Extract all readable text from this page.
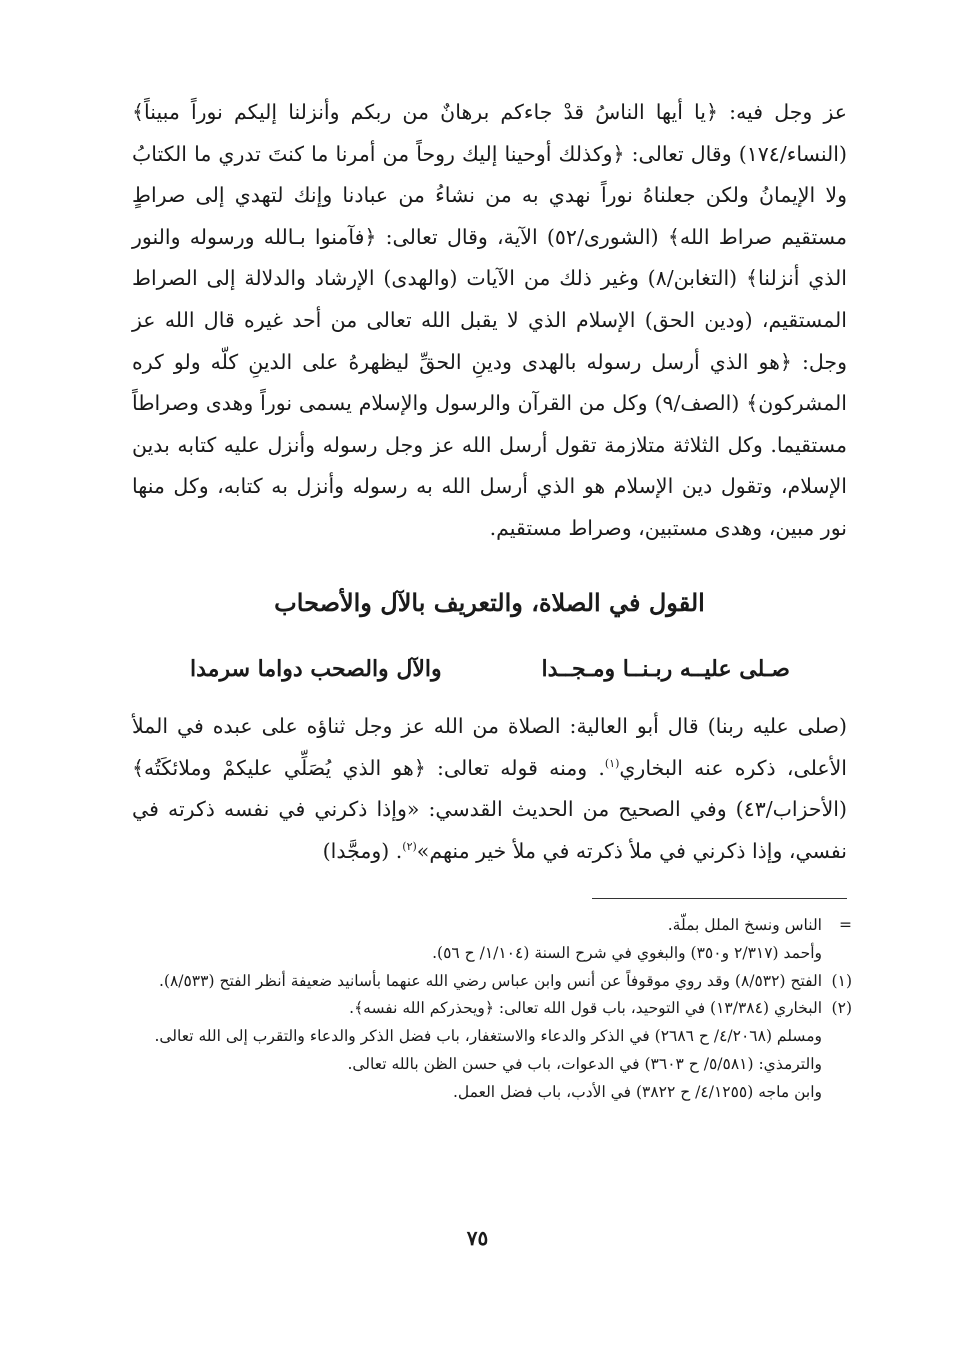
عز وجل فيه: ﴿يا أيها الناسُ قدْ جاءكم برهانٌ من ربكم وأنزلنا إليكم نوراً مبيناً﴾ (النساء/١٧٤) وقال تعالى: ﴿وكذلك أوحينا إليك روحاً من أمرنا ما كنتَ تدري ما الكتابُ ولا الإيمانُ ولكن جعلناهُ نوراً نهدي به من نشاءُ من عبادنا وإنك لتهدي إلى صراطٍ مستقيم صراط الله﴾ (الشورى/٥٢) الآية، وقال تعالى: ﴿فآمنوا بـالله ورسوله والنور الذي أنزلنا﴾ (التغابن/٨) وغير ذلك من الآيات (والهدى) الإرشاد والدلالة إلى الصراط المستقيم، (ودين الحق) الإسلام الذي لا يقبل الله تعالى من أحد غيره قال الله عز وجل: ﴿هو الذي أرسل رسوله بالهدى ودينِ الحقِّ ليظهرهُ على الدينِ كلّه ولو كره المشركون﴾ (الصف/٩) وكل من القرآن والرسول والإسلام يسمى نوراً وهدى وصراطاً مستقيما. وكل الثلاثة متلازمة تقول أرسل الله عز وجل رسوله وأنزل عليه كتابه بدين الإسلام، وتقول دين الإسلام هو الذي أرسل الله به رسوله وأنزل به كتابه، وكل منها نور مبين، وهدى مستبين، وصراط مستقيم.

القول في الصلاة، والتعريف بالآل والأصحاب
صـلى عليــه ربـنــا ومـجــدا
والآل والصحب دواما سرمدا

(صلى عليه ربنا) قال أبو العالية: الصلاة من الله عز وجل ثناؤه على عبده في الملأ الأعلى، ذكره عنه البخاري$^{(١)}$. ومنه قوله تعالى: ﴿هو الذي يُصَلِّي عليكمْ وملائكَتُه﴾ (الأحزاب/٤٣) وفي الصحيح من الحديث القدسي: «وإذا ذكرني في نفسه ذكرته في نفسي، وإذا ذكرني في ملأ ذكرته في ملأ خير منهم»$^{(٢)}$. (ومجَّدا)

=
الناس ونسخ الملل بملّة.
وأحمد (٢/٣١٧ و٣٥٠) والبغوي في شرح السنة (١/١٠٤/ ح ٥٦).
(١)
الفتح (٨/٥٣٢) وقد روي موقوفاً عن أنس وابن عباس رضي الله عنهما بأسانيد ضعيفة أنظر الفتح (٨/٥٣٣).
(٢)
البخاري (١٣/٣٨٤) في التوحيد، باب قول الله تعالى: ﴿ويحذركم الله نفسه﴾.
ومسلم (٤/٢٠٦٨/ ح ٢٦٨٦) في الذكر والدعاء والاستغفار، باب فضل الذكر والدعاء والتقرب إلى الله تعالى.
والترمذي: (٥/٥٨١/ ح ٣٦٠٣) في الدعوات، باب في حسن الظن بالله تعالى.
وابن ماجه (٤/١٢٥٥/ ح ٣٨٢٢) في الأدب، باب فضل العمل.
٧٥
